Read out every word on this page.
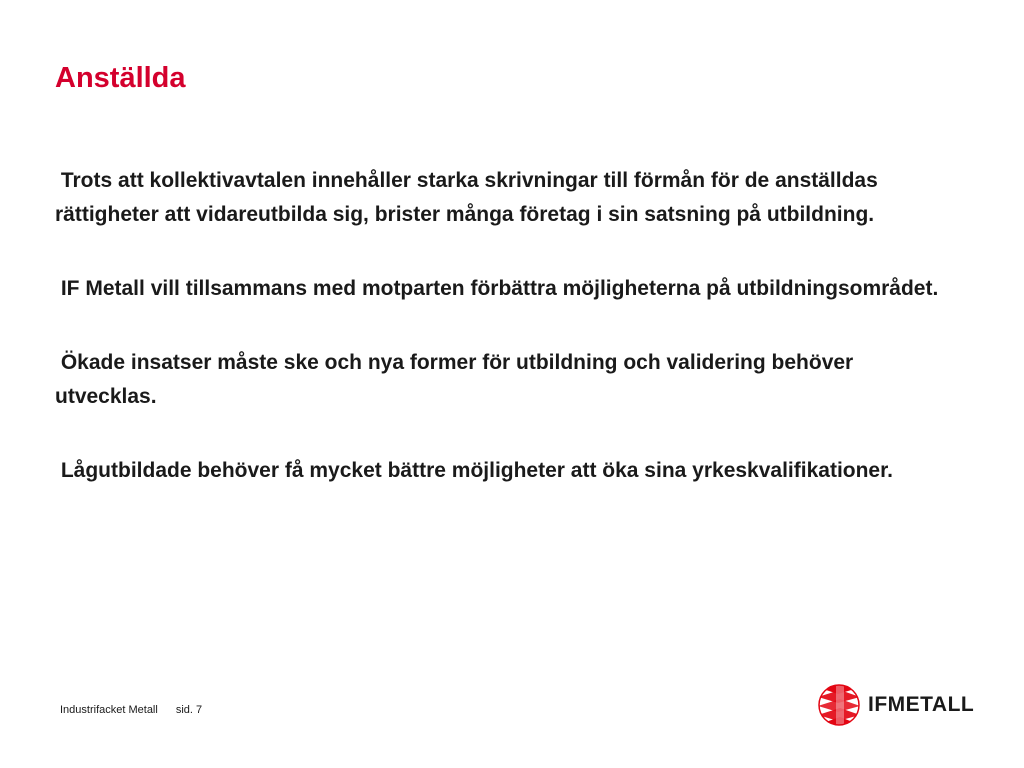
Anställda

Trots att kollektivavtalen innehåller starka skrivningar till förmån för de anställdas rättigheter att vidareutbilda sig, brister många företag i sin satsning på utbildning.

IF Metall vill tillsammans med motparten förbättra möjligheterna på utbildningsområdet.

Ökade insatser måste ske och nya former för utbildning och validering behöver utvecklas.

Lågutbildade behöver få mycket bättre möjligheter att öka sina yrkeskvalifikationer.

Industrifacket Metall sid. 7	IFMETALL
